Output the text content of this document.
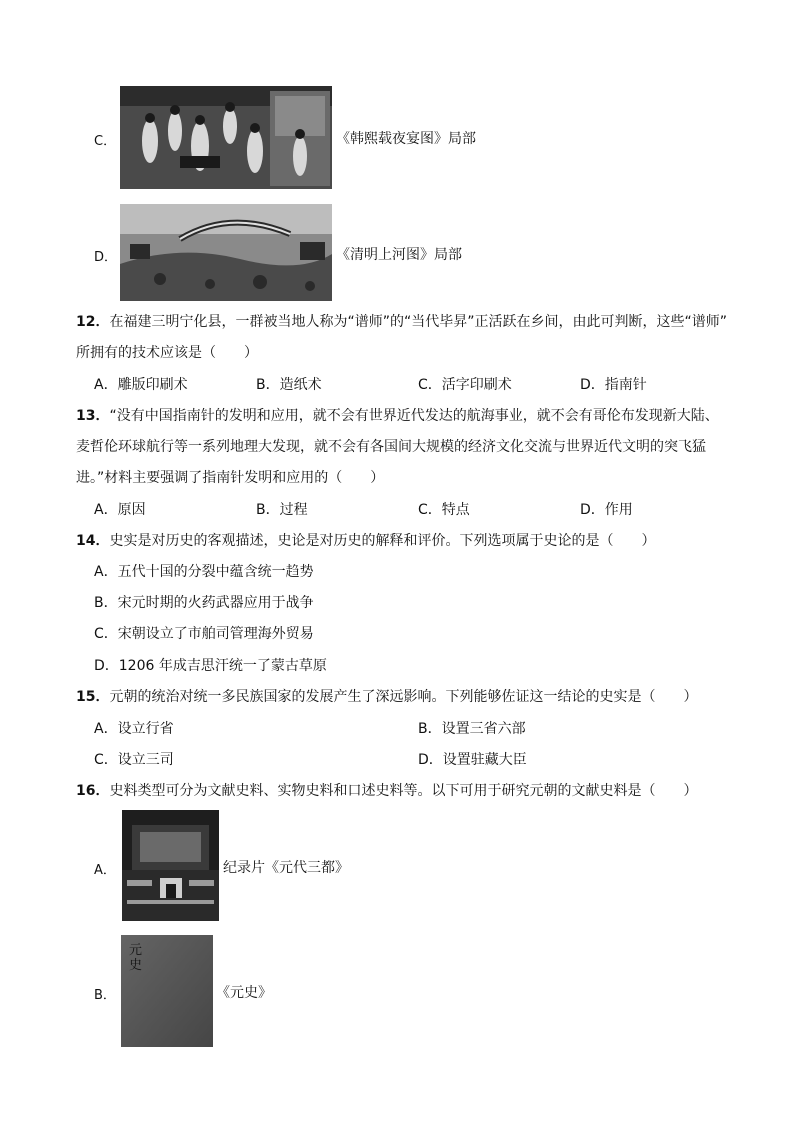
C．	《韩熙载夜宴图》局部
D．	《清明上河图》局部
12．在福建三明宁化县，一群被当地人称为“谱师”的“当代毕昇”正活跃在乡间，由此可判断，这些“谱师”
所拥有的技术应该是（　　）
A．雕版印刷术	B．造纸术	C．活字印刷术	D．指南针
13．“没有中国指南针的发明和应用，就不会有世界近代发达的航海事业，就不会有哥伦布发现新大陆、
麦哲伦环球航行等一系列地理大发现，就不会有各国间大规模的经济文化交流与世界近代文明的突飞猛
进。”材料主要强调了指南针发明和应用的（　　）
A．原因	B．过程	C．特点	D．作用
14．史实是对历史的客观描述，史论是对历史的解释和评价。下列选项属于史论的是（　　）
A．五代十国的分裂中蕴含统一趋势
B．宋元时期的火药武器应用于战争
C．宋朝设立了市舶司管理海外贸易
D．1206 年成吉思汗统一了蒙古草原
15．元朝的统治对统一多民族国家的发展产生了深远影响。下列能够佐证这一结论的史实是（　　）
A．设立行省	B．设置三省六部
C．设立三司	D．设置驻藏大臣
16．史料类型可分为文献史料、实物史料和口述史料等。以下可用于研究元朝的文献史料是（　　）
A．	纪录片《元代三都》
B．
元 史
《元史》
